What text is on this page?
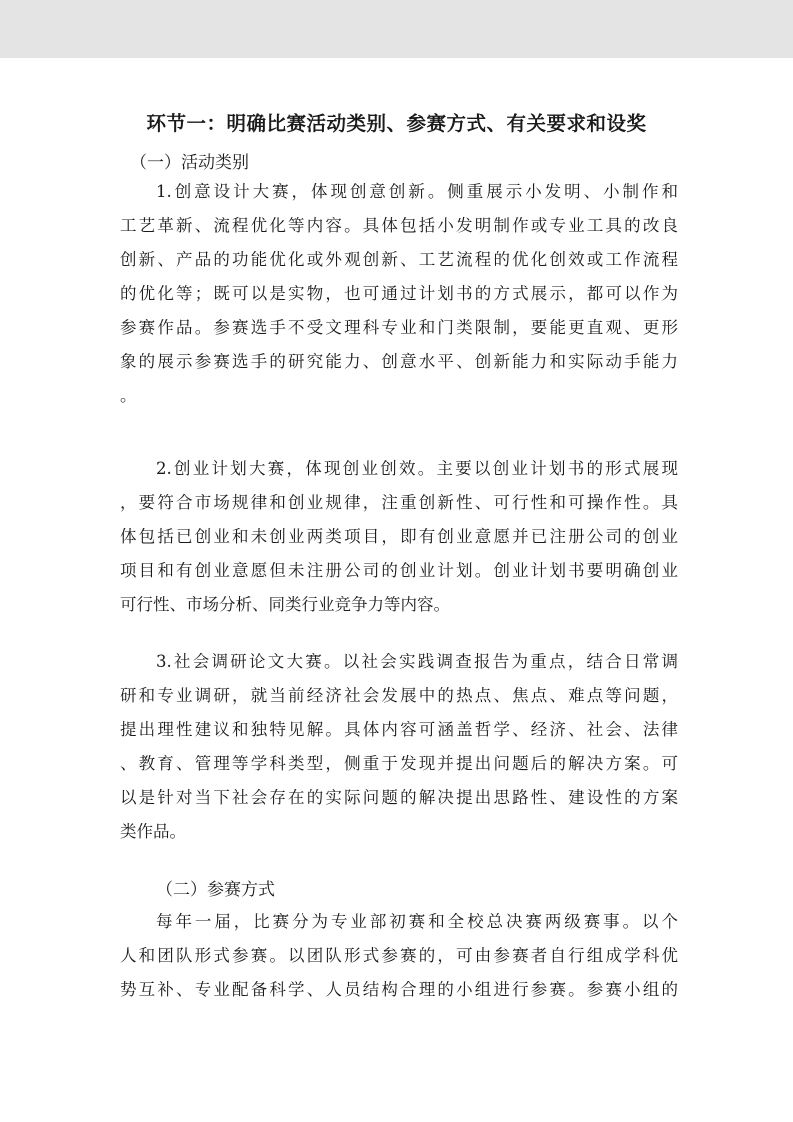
环节一：明确比赛活动类别、参赛方式、有关要求和设奖

（一）活动类别

1.创意设计大赛，体现创意创新。侧重展示小发明、小制作和
工艺革新、流程优化等内容。具体包括小发明制作或专业工具的改良
创新、产品的功能优化或外观创新、工艺流程的优化创效或工作流程
的优化等；既可以是实物，也可通过计划书的方式展示，都可以作为
参赛作品。参赛选手不受文理科专业和门类限制，要能更直观、更形
象的展示参赛选手的研究能力、创意水平、创新能力和实际动手能力
。
2.创业计划大赛，体现创业创效。主要以创业计划书的形式展现
，要符合市场规律和创业规律，注重创新性、可行性和可操作性。具
体包括已创业和未创业两类项目，即有创业意愿并已注册公司的创业
项目和有创业意愿但未注册公司的创业计划。创业计划书要明确创业
可行性、市场分析、同类行业竞争力等内容。
3.社会调研论文大赛。以社会实践调查报告为重点，结合日常调
研和专业调研，就当前经济社会发展中的热点、焦点、难点等问题，
提出理性建议和独特见解。具体内容可涵盖哲学、经济、社会、法律
、教育、管理等学科类型，侧重于发现并提出问题后的解决方案。可
以是针对当下社会存在的实际问题的解决提出思路性、建设性的方案
类作品。

（二）参赛方式

每年一届，比赛分为专业部初赛和全校总决赛两级赛事。以个
人和团队形式参赛。以团队形式参赛的，可由参赛者自行组成学科优
势互补、专业配备科学、人员结构合理的小组进行参赛。参赛小组的
